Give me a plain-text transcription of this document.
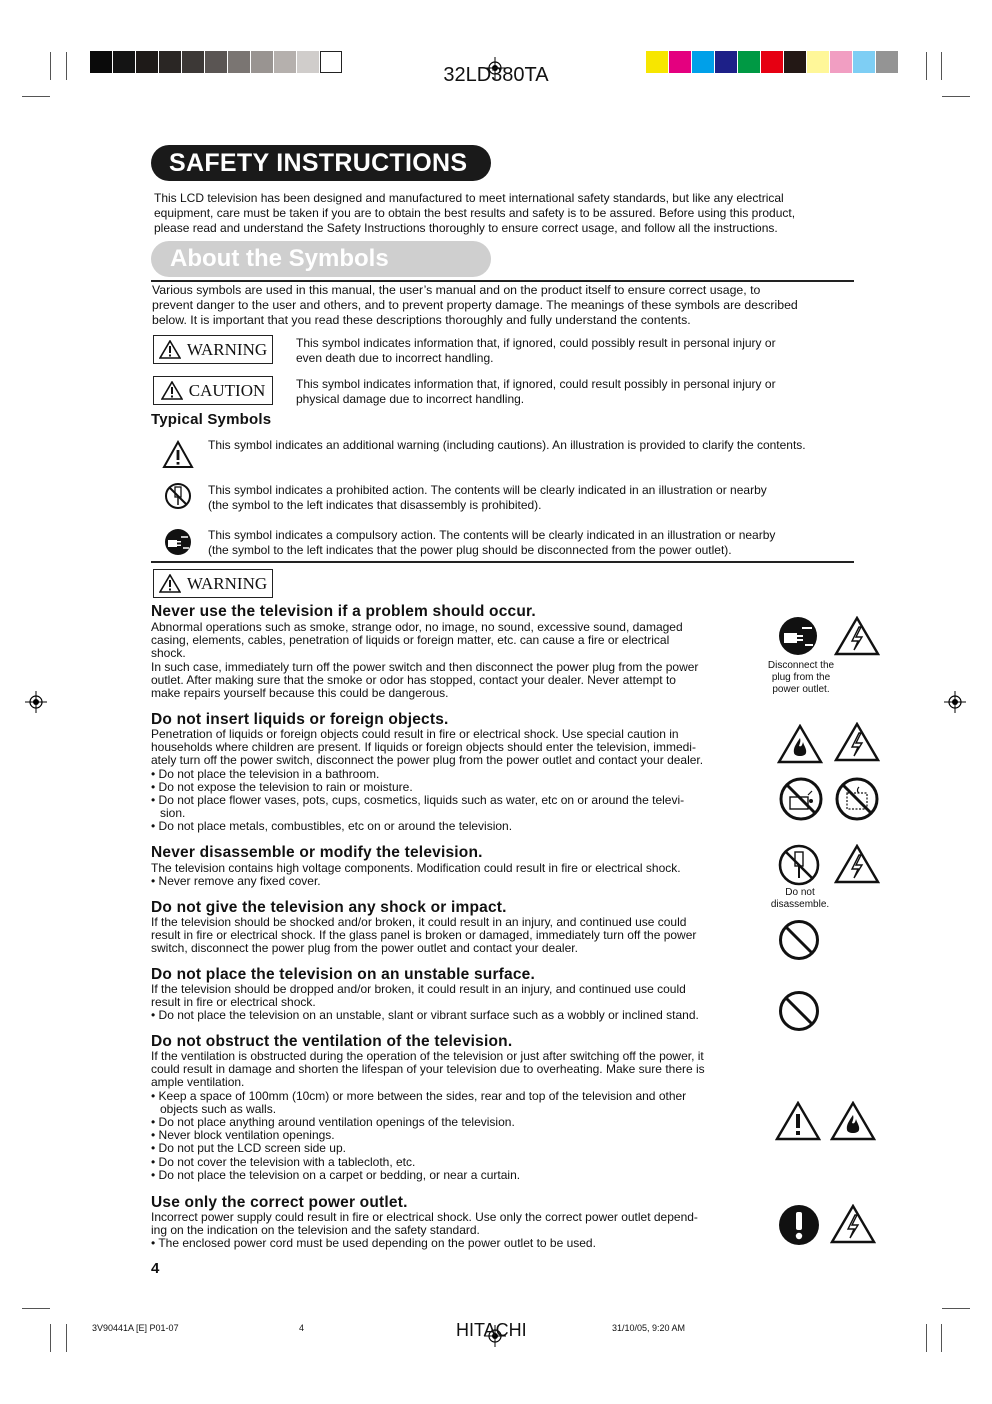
32LD380TA
SAFETY INSTRUCTIONS
This LCD television has been designed and manufactured to meet international safety standards, but like any electrical
equipment, care must be taken if you are to obtain the best results and safety is to be assured. Before using this product,
please read and understand the Safety Instructions thoroughly to ensure correct usage, and follow all the instructions.
About the Symbols
Various symbols are used in this manual, the user’s manual and on the product itself to ensure correct usage, to
prevent danger to the user and others, and to prevent property damage. The meanings of these symbols are described
below. It is important that you read these descriptions thoroughly and fully understand the contents.
WARNING This symbol indicates information that, if ignored, could possibly result in personal injury or
even death due to incorrect handling.
CAUTION	This symbol indicates information that, if ignored, could result possibly in personal injury or
physical damage due to incorrect handling.
Typical Symbols
This symbol indicates an additional warning (including cautions). An illustration is provided to clarify the contents.
This symbol indicates a prohibited action. The contents will be clearly indicated in an illustration or nearby
(the symbol to the left indicates that disassembly is prohibited).
This symbol indicates a compulsory action. The contents will be clearly indicated in an illustration or nearby
(the symbol to the left indicates that the power plug should be disconnected from the power outlet).
WARNING
Never use the television if a problem should occur.
Abnormal operations such as smoke, strange odor, no image, no sound, excessive sound, damaged
casing, elements, cables, penetration of liquids or foreign matter, etc. can cause a fire or electrical
shock.
In such case, immediately turn off the power switch and then disconnect the power plug from the power
outlet. After making sure that the smoke or odor has stopped, contact your dealer. Never attempt to
make repairs yourself because this could be dangerous.
Disconnect the
plug from the
power outlet.
Do not insert liquids or foreign objects.
Penetration of liquids or foreign objects could result in fire or electrical shock. Use special caution in
households where children are present. If liquids or foreign objects should enter the television, immedi-
ately turn off the power switch, disconnect the power plug from the power outlet and contact your dealer.
• Do not place the television in a bathroom.
• Do not expose the television to rain or moisture.
• Do not place flower vases, pots, cups, cosmetics, liquids such as water, etc on or around the televi-
sion.
• Do not place metals, combustibles, etc on or around the television.
Never disassemble or modify the television.
The television contains high voltage components. Modification could result in fire or electrical shock.
• Never remove any fixed cover.
Do not
disassemble.
Do not give the television any shock or impact.
If the television should be shocked and/or broken, it could result in an injury, and continued use could
result in fire or electrical shock. If the glass panel is broken or damaged, immediately turn off the power
switch, disconnect the power plug from the power outlet and contact your dealer.
Do not place the television on an unstable surface.
If the television should be dropped and/or broken, it could result in an injury, and continued use could
result in fire or electrical shock.
• Do not place the television on an unstable, slant or vibrant surface such as a wobbly or inclined stand.
Do not obstruct the ventilation of the television.
If the ventilation is obstructed during the operation of the television or just after switching off the power, it
could result in damage and shorten the lifespan of your television due to overheating. Make sure there is
ample ventilation.
• Keep a space of 100mm (10cm) or more between the sides, rear and top of the television and other
objects such as walls.
• Do not place anything around ventilation openings of the television.
• Never block ventilation openings.
• Do not put the LCD screen side up.
• Do not cover the television with a tablecloth, etc.
• Do not place the television on a carpet or bedding, or near a curtain.
Use only the correct power outlet.
Incorrect power supply could result in fire or electrical shock. Use only the correct power outlet depend-
ing on the indication on the television and the safety standard.
• The enclosed power cord must be used depending on the power outlet to be used.
4
3V90441A [E] P01-07	4	HITACHI	31/10/05, 9:20 AM
